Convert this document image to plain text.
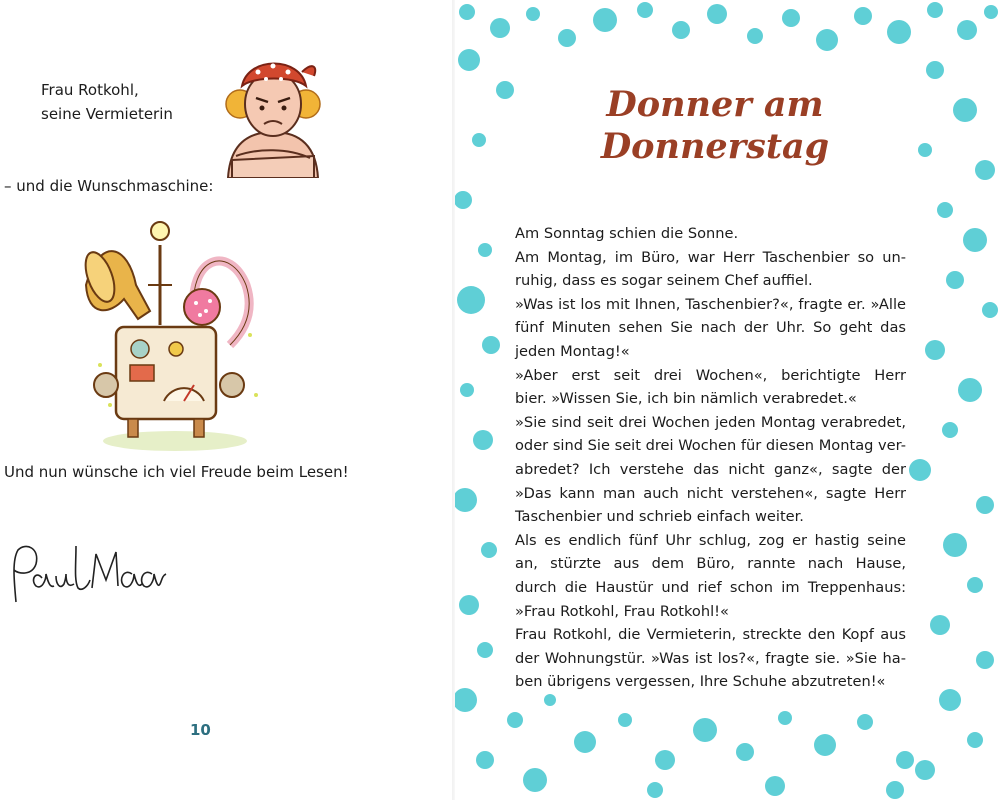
Frau Rotkohl,
seine Vermieterin
– und die Wunschmaschine:
Und nun wünsche ich viel Freude beim Lesen!
10
Donner am
Donnerstag
Am Sonntag schien die Sonne.
Am Montag, im Büro, war Herr Taschenbier so un-
ruhig, dass es sogar seinem Chef auffiel.
»Was ist los mit Ihnen, Taschenbier?«, fragte er. »Alle
fünf Minuten sehen Sie nach der Uhr. So geht das
jeden Montag!«
»Aber erst seit drei Wochen«, berichtigte Herr
bier. »Wissen Sie, ich bin nämlich verabredet.«
»Sie sind seit drei Wochen jeden Montag verabredet,
oder sind Sie seit drei Wochen für diesen Montag ver-
abredet? Ich verstehe das nicht ganz«, sagte der
»Das kann man auch nicht verstehen«, sagte Herr
Taschenbier und schrieb einfach weiter.
Als es endlich fünf Uhr schlug, zog er hastig seine
an, stürzte aus dem Büro, rannte nach Hause,
durch die Haustür und rief schon im Treppenhaus:
»Frau Rotkohl, Frau Rotkohl!«
Frau Rotkohl, die Vermieterin, streckte den Kopf aus
der Wohnungstür. »Was ist los?«, fragte sie. »Sie ha-
ben übrigens vergessen, Ihre Schuhe abzutreten!«
